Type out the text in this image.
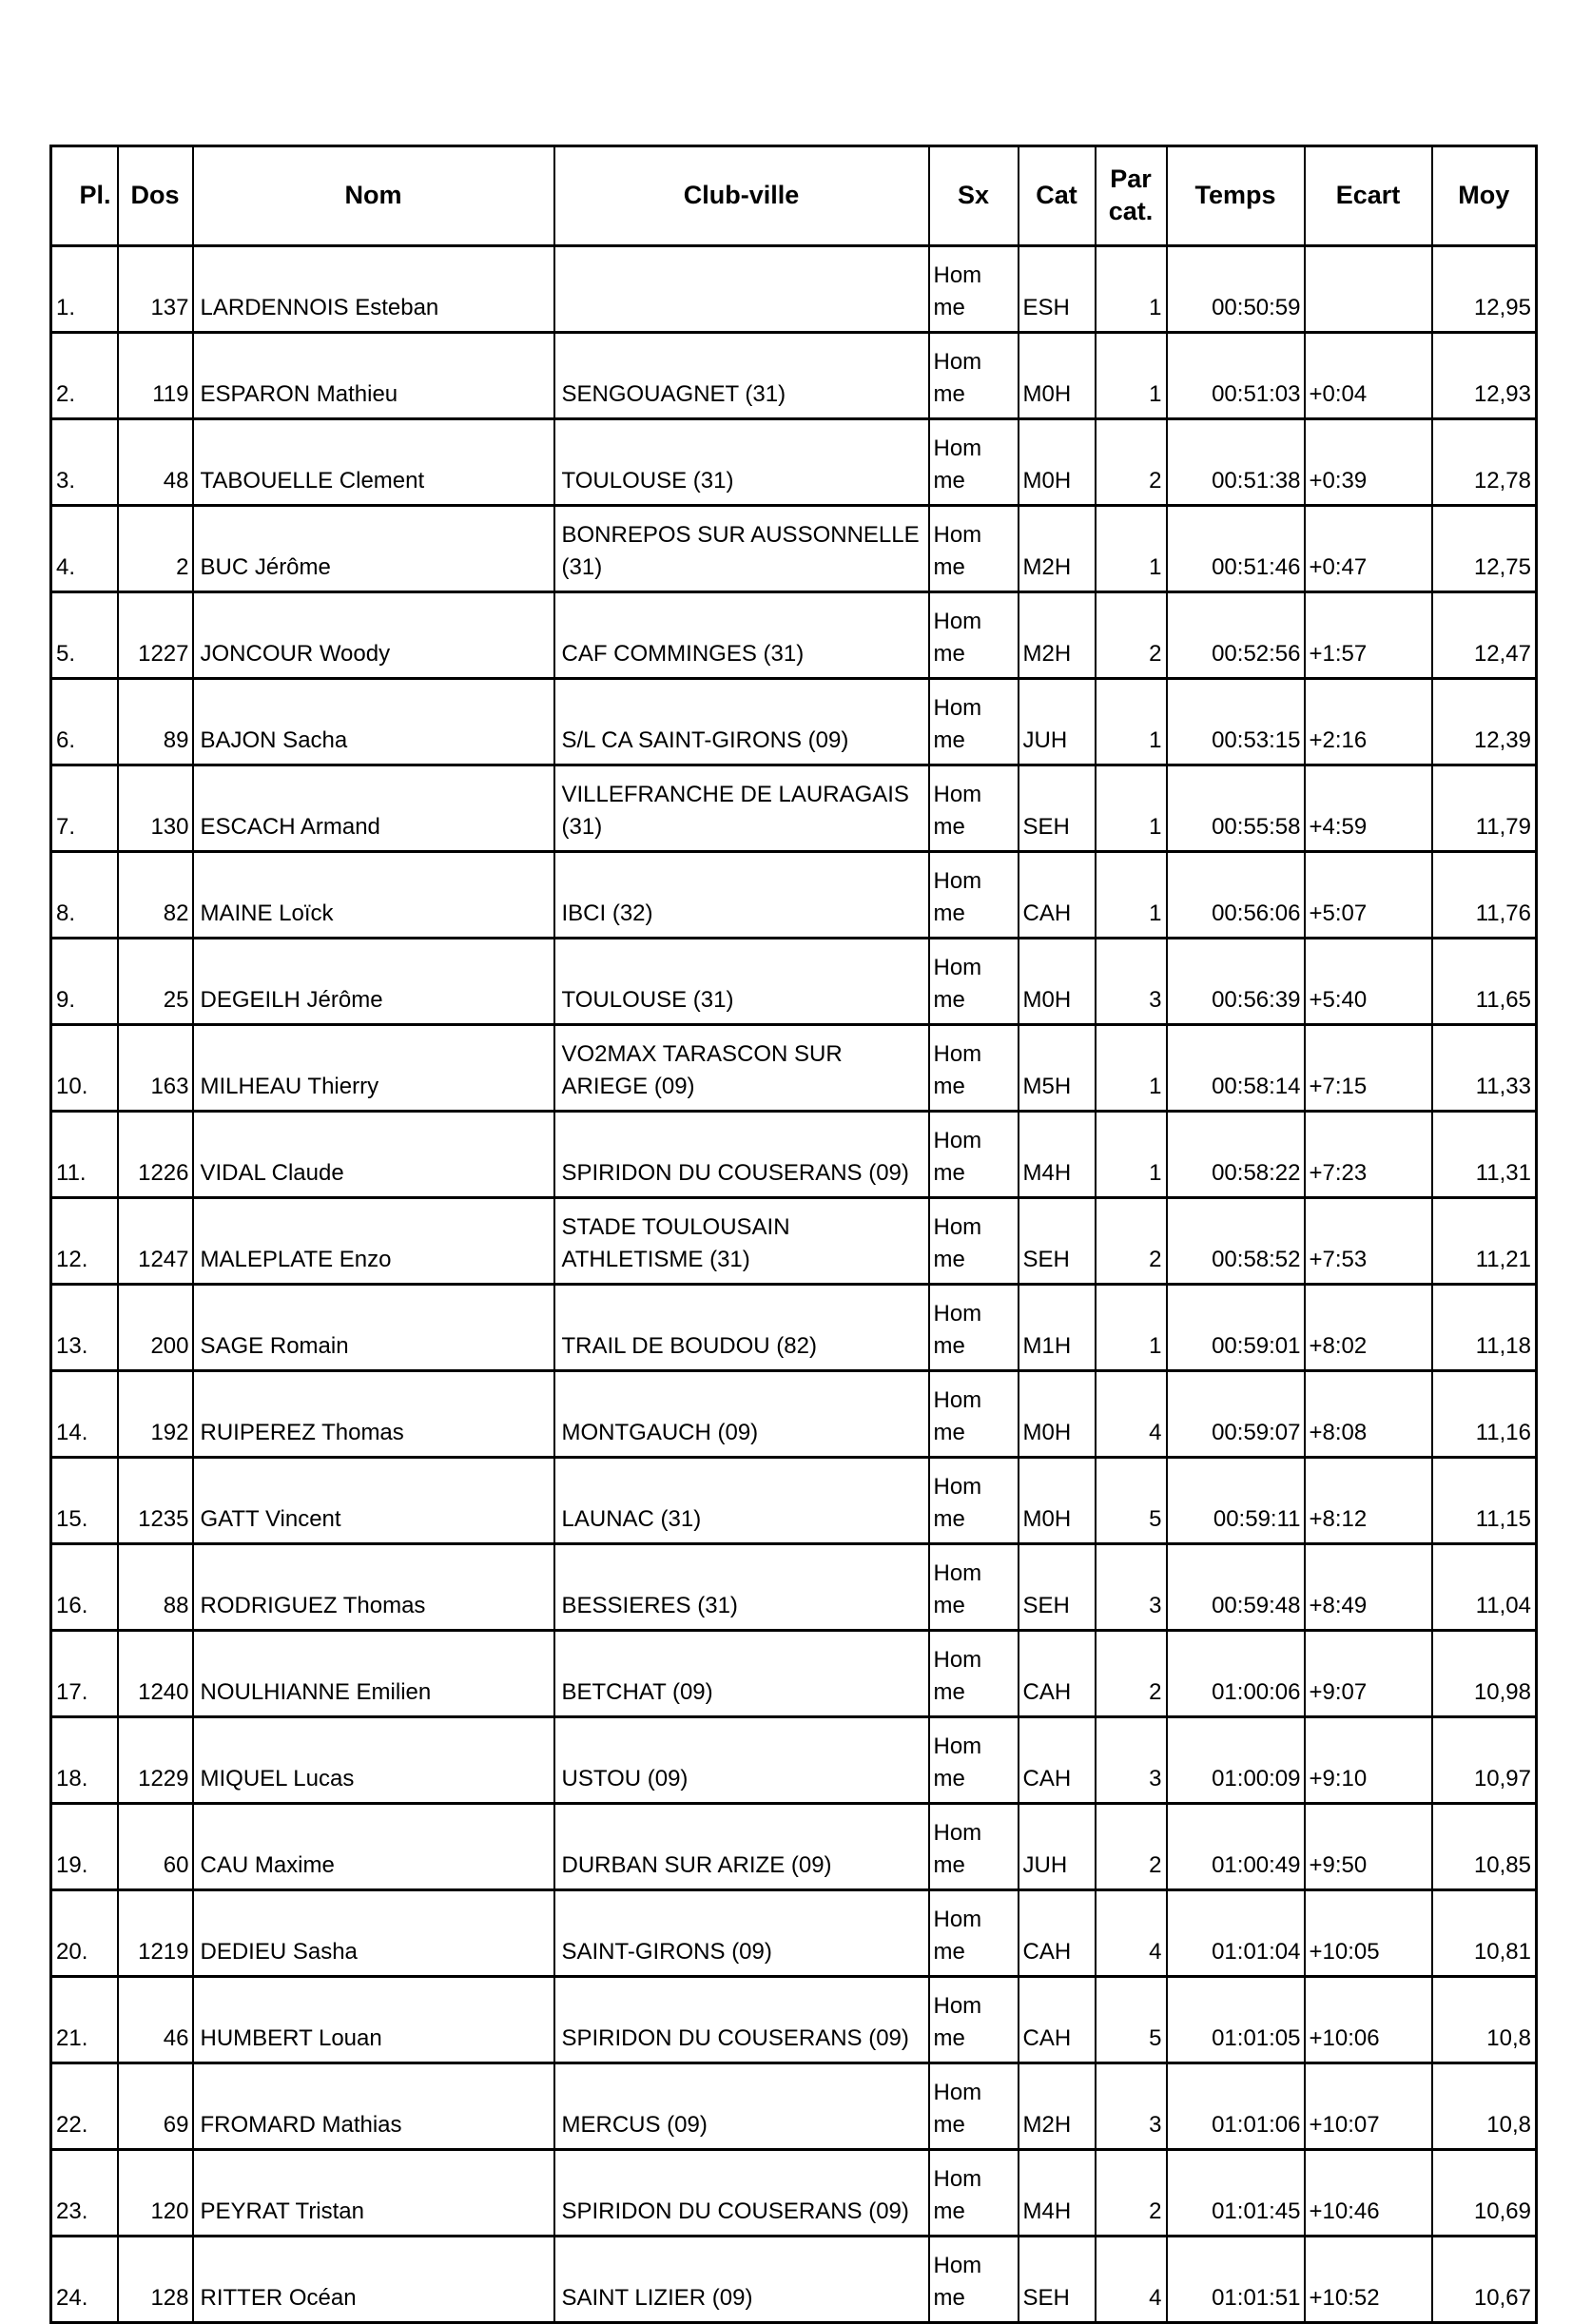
Pl.	Dos	Nom	Club-ville	Sx	Cat	Par cat.	Temps	Ecart	Moy
1.	137	LARDENNOIS Esteban		Homme	ESH	1	00:50:59		12,95
2.	119	ESPARON Mathieu	SENGOUAGNET (31)	Homme	M0H	1	00:51:03	+0:04	12,93
3.	48	TABOUELLE Clement	TOULOUSE (31)	Homme	M0H	2	00:51:38	+0:39	12,78
4.	2	BUC Jérôme	BONREPOS SUR AUSSONNELLE (31)	Homme	M2H	1	00:51:46	+0:47	12,75
5.	1227	JONCOUR Woody	CAF COMMINGES (31)	Homme	M2H	2	00:52:56	+1:57	12,47
6.	89	BAJON Sacha	S/L CA SAINT-GIRONS (09)	Homme	JUH	1	00:53:15	+2:16	12,39
7.	130	ESCACH Armand	VILLEFRANCHE DE LAURAGAIS (31)	Homme	SEH	1	00:55:58	+4:59	11,79
8.	82	MAINE Loïck	IBCI (32)	Homme	CAH	1	00:56:06	+5:07	11,76
9.	25	DEGEILH Jérôme	TOULOUSE (31)	Homme	M0H	3	00:56:39	+5:40	11,65
10.	163	MILHEAU Thierry	VO2MAX TARASCON SUR ARIEGE (09)	Homme	M5H	1	00:58:14	+7:15	11,33
11.	1226	VIDAL Claude	SPIRIDON DU COUSERANS (09)	Homme	M4H	1	00:58:22	+7:23	11,31
12.	1247	MALEPLATE Enzo	STADE TOULOUSAIN ATHLETISME (31)	Homme	SEH	2	00:58:52	+7:53	11,21
13.	200	SAGE Romain	TRAIL DE BOUDOU (82)	Homme	M1H	1	00:59:01	+8:02	11,18
14.	192	RUIPEREZ Thomas	MONTGAUCH (09)	Homme	M0H	4	00:59:07	+8:08	11,16
15.	1235	GATT Vincent	LAUNAC (31)	Homme	M0H	5	00:59:11	+8:12	11,15
16.	88	RODRIGUEZ Thomas	BESSIERES (31)	Homme	SEH	3	00:59:48	+8:49	11,04
17.	1240	NOULHIANNE Emilien	BETCHAT (09)	Homme	CAH	2	01:00:06	+9:07	10,98
18.	1229	MIQUEL Lucas	USTOU (09)	Homme	CAH	3	01:00:09	+9:10	10,97
19.	60	CAU Maxime	DURBAN SUR ARIZE (09)	Homme	JUH	2	01:00:49	+9:50	10,85
20.	1219	DEDIEU Sasha	SAINT-GIRONS (09)	Homme	CAH	4	01:01:04	+10:05	10,81
21.	46	HUMBERT Louan	SPIRIDON DU COUSERANS (09)	Homme	CAH	5	01:01:05	+10:06	10,8
22.	69	FROMARD Mathias	MERCUS (09)	Homme	M2H	3	01:01:06	+10:07	10,8
23.	120	PEYRAT Tristan	SPIRIDON DU COUSERANS (09)	Homme	M4H	2	01:01:45	+10:46	10,69
24.	128	RITTER Océan	SAINT LIZIER (09)	Homme	SEH	4	01:01:51	+10:52	10,67
